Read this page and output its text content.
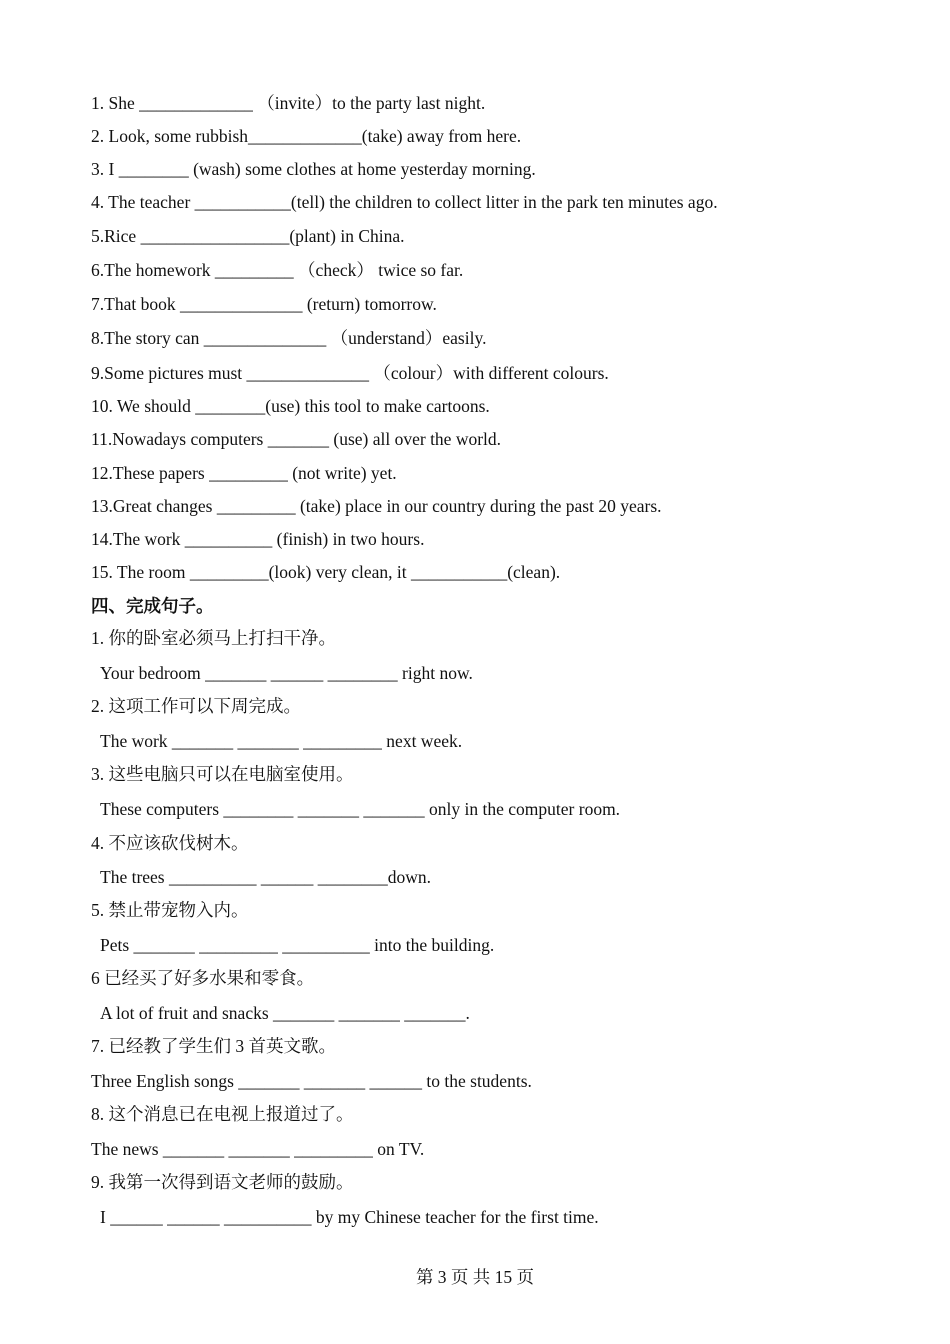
1. She _____________ （invite）to the party last night.
2. Look, some rubbish_____________(take) away from here.
3. I ________ (wash) some clothes at home yesterday morning.
4. The teacher ___________(tell) the children to collect litter in the park ten minutes ago.
5.Rice _________________(plant) in China.
6.The homework _________ （check） twice so far.
7.That book ______________ (return) tomorrow.
8.The story can ______________ （understand）easily.
9.Some pictures must ______________ （colour）with different colours.
10. We should ________(use) this tool to make cartoons.
11.Nowadays computers _______ (use) all over the world.
12.These papers _________ (not write) yet.
13.Great changes _________ (take) place in our country during the past 20 years.
14.The work __________ (finish) in two hours.
15. The room _________(look) very clean, it ___________(clean).
四、完成句子。
1. 你的卧室必须马上打扫干净。
Your bedroom _______ ______ ________ right now.
2. 这项工作可以下周完成。
The work _______ _______ _________ next week.
3. 这些电脑只可以在电脑室使用。
These computers ________ _______ _______ only in the computer room.
4. 不应该砍伐树木。
The trees __________ ______ ________down.
5. 禁止带宠物入内。
Pets _______ _________ __________ into the building.
6 已经买了好多水果和零食。
A lot of fruit and snacks _______ _______ _______.
7. 已经教了学生们 3 首英文歌。
Three English songs _______ _______ ______ to the students.
8. 这个消息已在电视上报道过了。
The news _______ _______ _________ on TV.
9. 我第一次得到语文老师的鼓励。
I ______ ______ __________ by my Chinese teacher for the first time.
第 3 页 共 15 页
